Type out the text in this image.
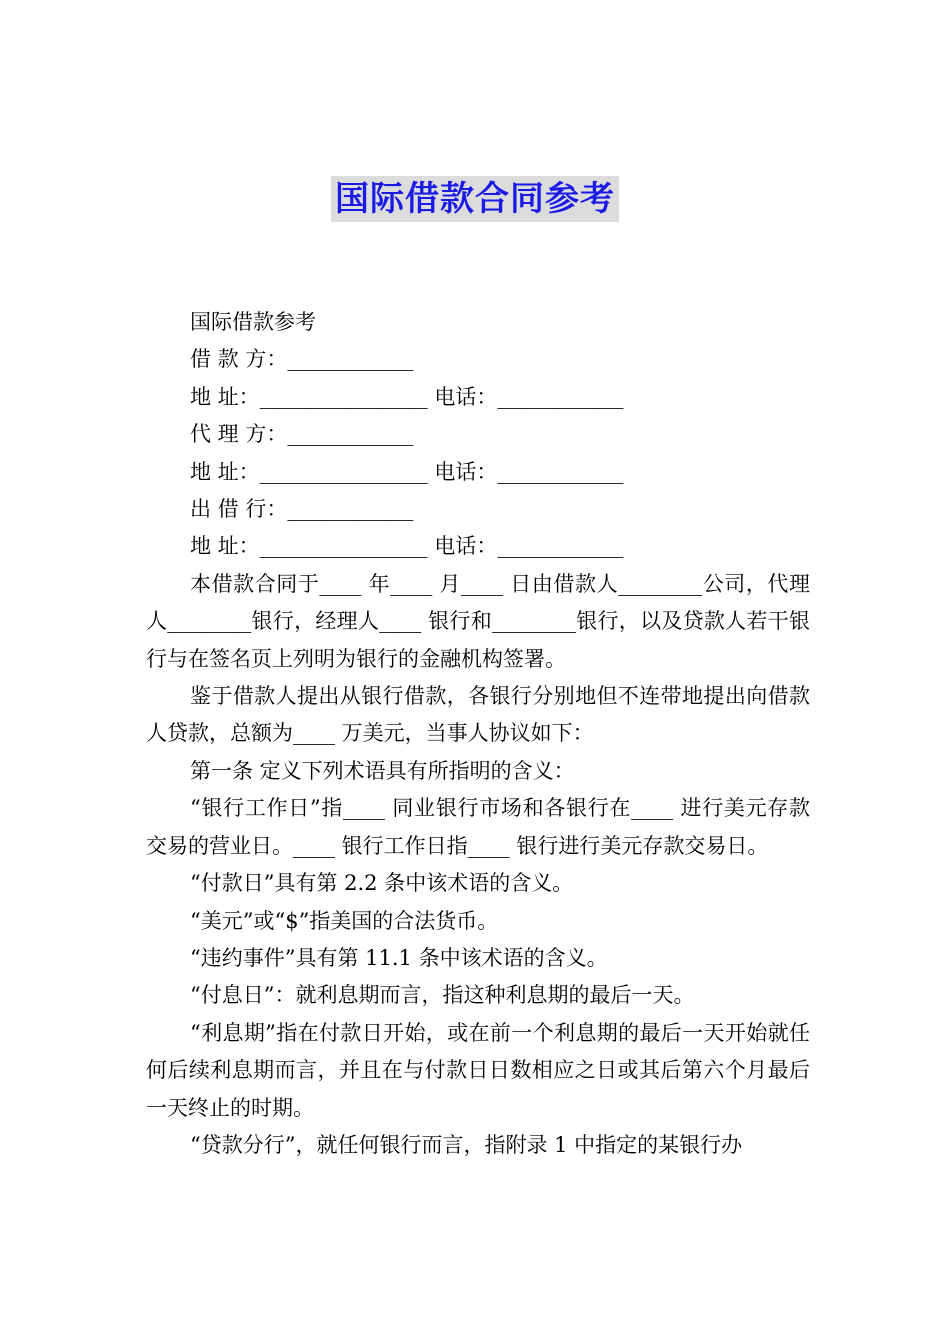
国际借款合同参考

国际借款参考

借 款 方：____________

地 址：________________ 电话：____________

代 理 方：____________

地 址：________________ 电话：____________

出 借 行：____________

地 址：________________ 电话：____________

本借款合同于____ 年____ 月____ 日由借款人________公司，代理人________银行，经理人____ 银行和________银行，以及贷款人若干银行与在签名页上列明为银行的金融机构签署。

鉴于借款人提出从银行借款，各银行分别地但不连带地提出向借款人贷款，总额为____ 万美元，当事人协议如下：

第一条 定义下列术语具有所指明的含义：

“银行工作日”指____ 同业银行市场和各银行在____ 进行美元存款交易的营业日。____ 银行工作日指____ 银行进行美元存款交易日。

“付款日”具有第 2.2 条中该术语的含义。

“美元”或“$”指美国的合法货币。

“违约事件”具有第 11.1 条中该术语的含义。

“付息日”：就利息期而言，指这种利息期的最后一天。

“利息期”指在付款日开始，或在前一个利息期的最后一天开始就任何后续利息期而言，并且在与付款日日数相应之日或其后第六个月最后一天终止的时期。

“贷款分行”，就任何银行而言，指附录 1 中指定的某银行办
